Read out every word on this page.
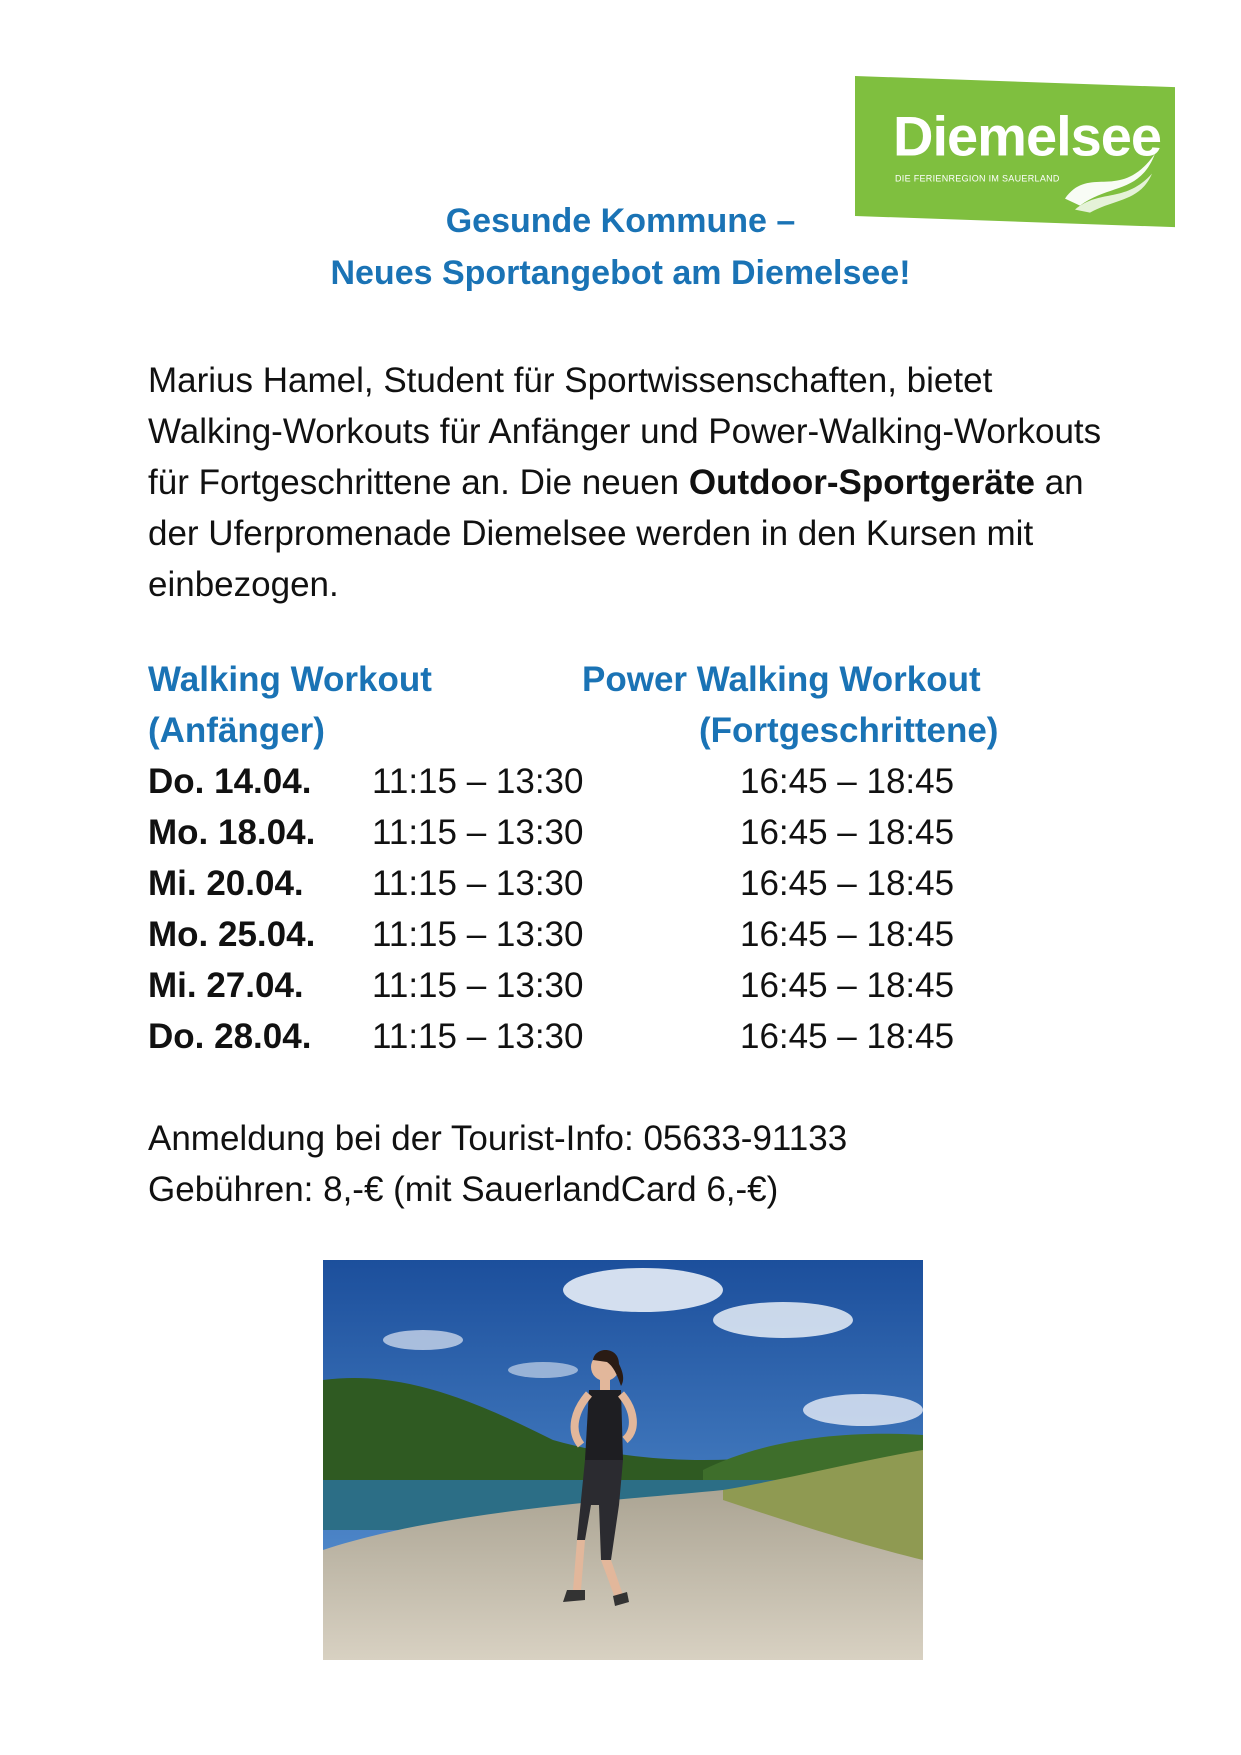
Diemelsee
DIE FERIENREGION IM SAUERLAND
Gesunde Kommune –
Neues Sportangebot am Diemelsee!
Marius Hamel, Student für Sportwissenschaften, bietet Walking-Workouts für Anfänger und Power-Walking-Workouts für Fortgeschrittene an. Die neuen Outdoor-Sportgeräte an der Uferpromenade Diemelsee werden in den Kursen mit einbezogen.
Walking Workout
(Anfänger)
Power Walking Workout
(Fortgeschrittene)
Do. 14.04. 11:15 – 13:30	16:45 – 18:45
Mo. 18.04. 11:15 – 13:30	16:45 – 18:45
Mi. 20.04. 11:15 – 13:30	16:45 – 18:45
Mo. 25.04. 11:15 – 13:30	16:45 – 18:45
Mi. 27.04. 11:15 – 13:30	16:45 – 18:45
Do. 28.04. 11:15 – 13:30	16:45 – 18:45
Anmeldung bei der Tourist-Info: 05633-91133
Gebühren: 8,-€ (mit SauerlandCard 6,-€)
